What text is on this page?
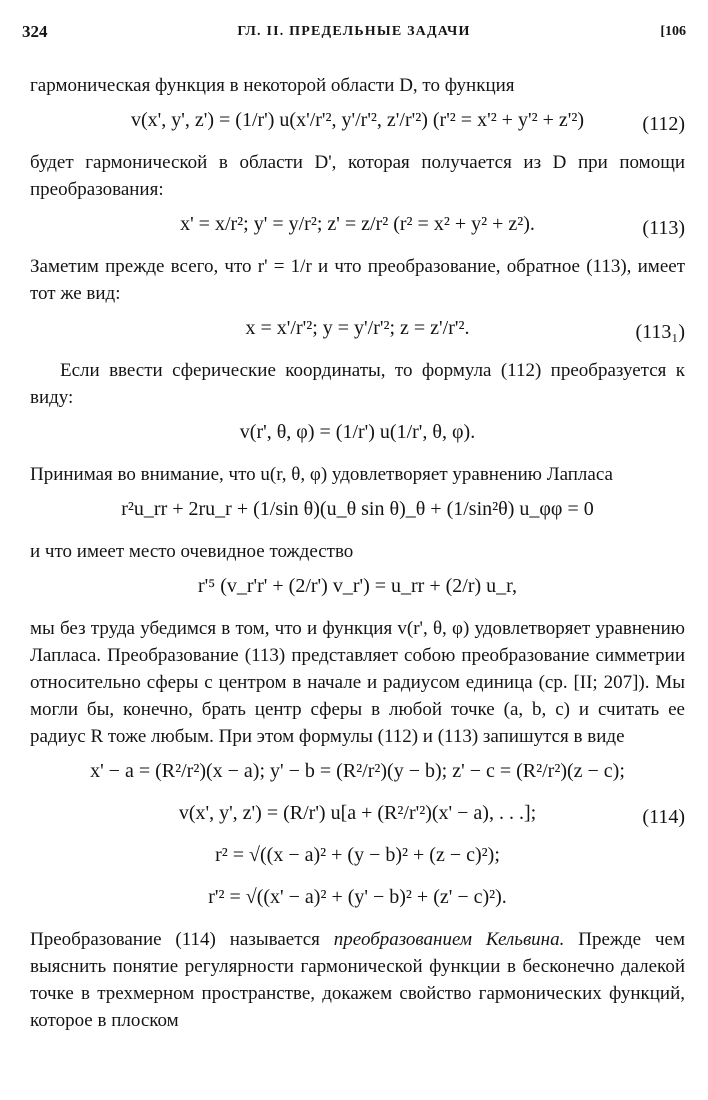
324	ГЛ. II. ПРЕДЕЛЬНЫЕ ЗАДАЧИ	[106

гармоническая функция в некоторой области D, то функция

v(x', y', z') = (1/r') u(x'/r'², y'/r'², z'/r'²) (r'² = x'² + y'² + z'²)	(112)

будет гармонической в области D', которая получается из D при помощи преобразования:

x' = x/r²; y' = y/r²; z' = z/r² (r² = x² + y² + z²).	(113)

Заметим прежде всего, что r' = 1/r и что преобразование, обратное (113), имеет тот же вид:

x = x'/r'²; y = y'/r'²; z = z'/r'².	(113₁)

Если ввести сферические координаты, то формула (112) преобразуется к виду:

v(r', θ, φ) = (1/r') u(1/r', θ, φ).

Принимая во внимание, что u(r, θ, φ) удовлетворяет уравнению Лапласа

r²u_rr + 2ru_r + (1/sin θ)(u_θ sin θ)_θ + (1/sin²θ) u_φφ = 0

и что имеет место очевидное тождество

r'⁵ (v_r'r' + (2/r') v_r') = u_rr + (2/r) u_r,

мы без труда убедимся в том, что и функция v(r', θ, φ) удовлетворяет уравнению Лапласа. Преобразование (113) представляет собою преобразование симметрии относительно сферы с центром в начале и радиусом единица (ср. [II; 207]). Мы могли бы, конечно, брать центр сферы в любой точке (a, b, c) и считать ее радиус R тоже любым. При этом формулы (112) и (113) запишутся в виде

x' − a = (R²/r²)(x − a); y' − b = (R²/r²)(y − b); z' − c = (R²/r²)(z − c);
v(x', y', z') = (R/r') u[a + (R²/r'²)(x' − a), . . .];	(114)
r² = √((x − a)² + (y − b)² + (z − c)²);
r'² = √((x' − a)² + (y' − b)² + (z' − c)²).

Преобразование (114) называется преобразованием Кельвина. Прежде чем выяснить понятие регулярности гармонической функции в бесконечно далекой точке в трехмерном пространстве, докажем свойство гармонических функций, которое в плоском
